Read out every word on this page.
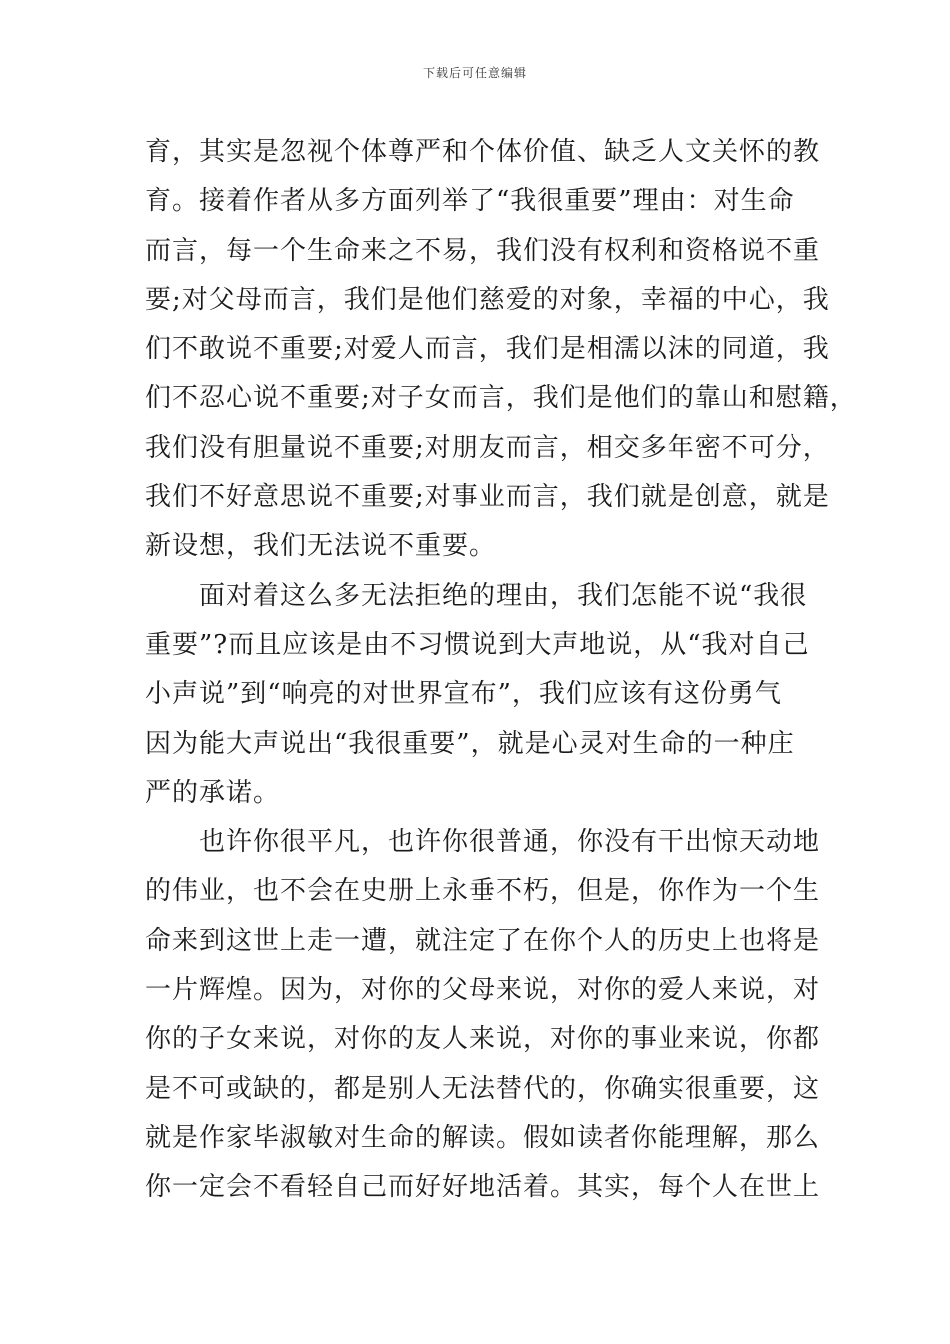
下载后可任意编辑
育，其实是忽视个体尊严和个体价值、缺乏人文关怀的教
育。接着作者从多方面列举了“我很重要”理由：对生命
而言，每一个生命来之不易，我们没有权利和资格说不重
要;对父母而言，我们是他们慈爱的对象，幸福的中心，我
们不敢说不重要;对爱人而言，我们是相濡以沫的同道，我
们不忍心说不重要;对子女而言，我们是他们的靠山和慰籍，
我们没有胆量说不重要;对朋友而言，相交多年密不可分，
我们不好意思说不重要;对事业而言，我们就是创意，就是
新设想，我们无法说不重要。
　　面对着这么多无法拒绝的理由，我们怎能不说“我很
重要”?而且应该是由不习惯说到大声地说，从“我对自己
小声说”到“响亮的对世界宣布”，我们应该有这份勇气
因为能大声说出“我很重要”，就是心灵对生命的一种庄
严的承诺。
　　也许你很平凡，也许你很普通，你没有干出惊天动地
的伟业，也不会在史册上永垂不朽，但是，你作为一个生
命来到这世上走一遭，就注定了在你个人的历史上也将是
一片辉煌。因为，对你的父母来说，对你的爱人来说，对
你的子女来说，对你的友人来说，对你的事业来说，你都
是不可或缺的，都是别人无法替代的，你确实很重要，这
就是作家毕淑敏对生命的解读。假如读者你能理解，那么
你一定会不看轻自己而好好地活着。其实，每个人在世上
